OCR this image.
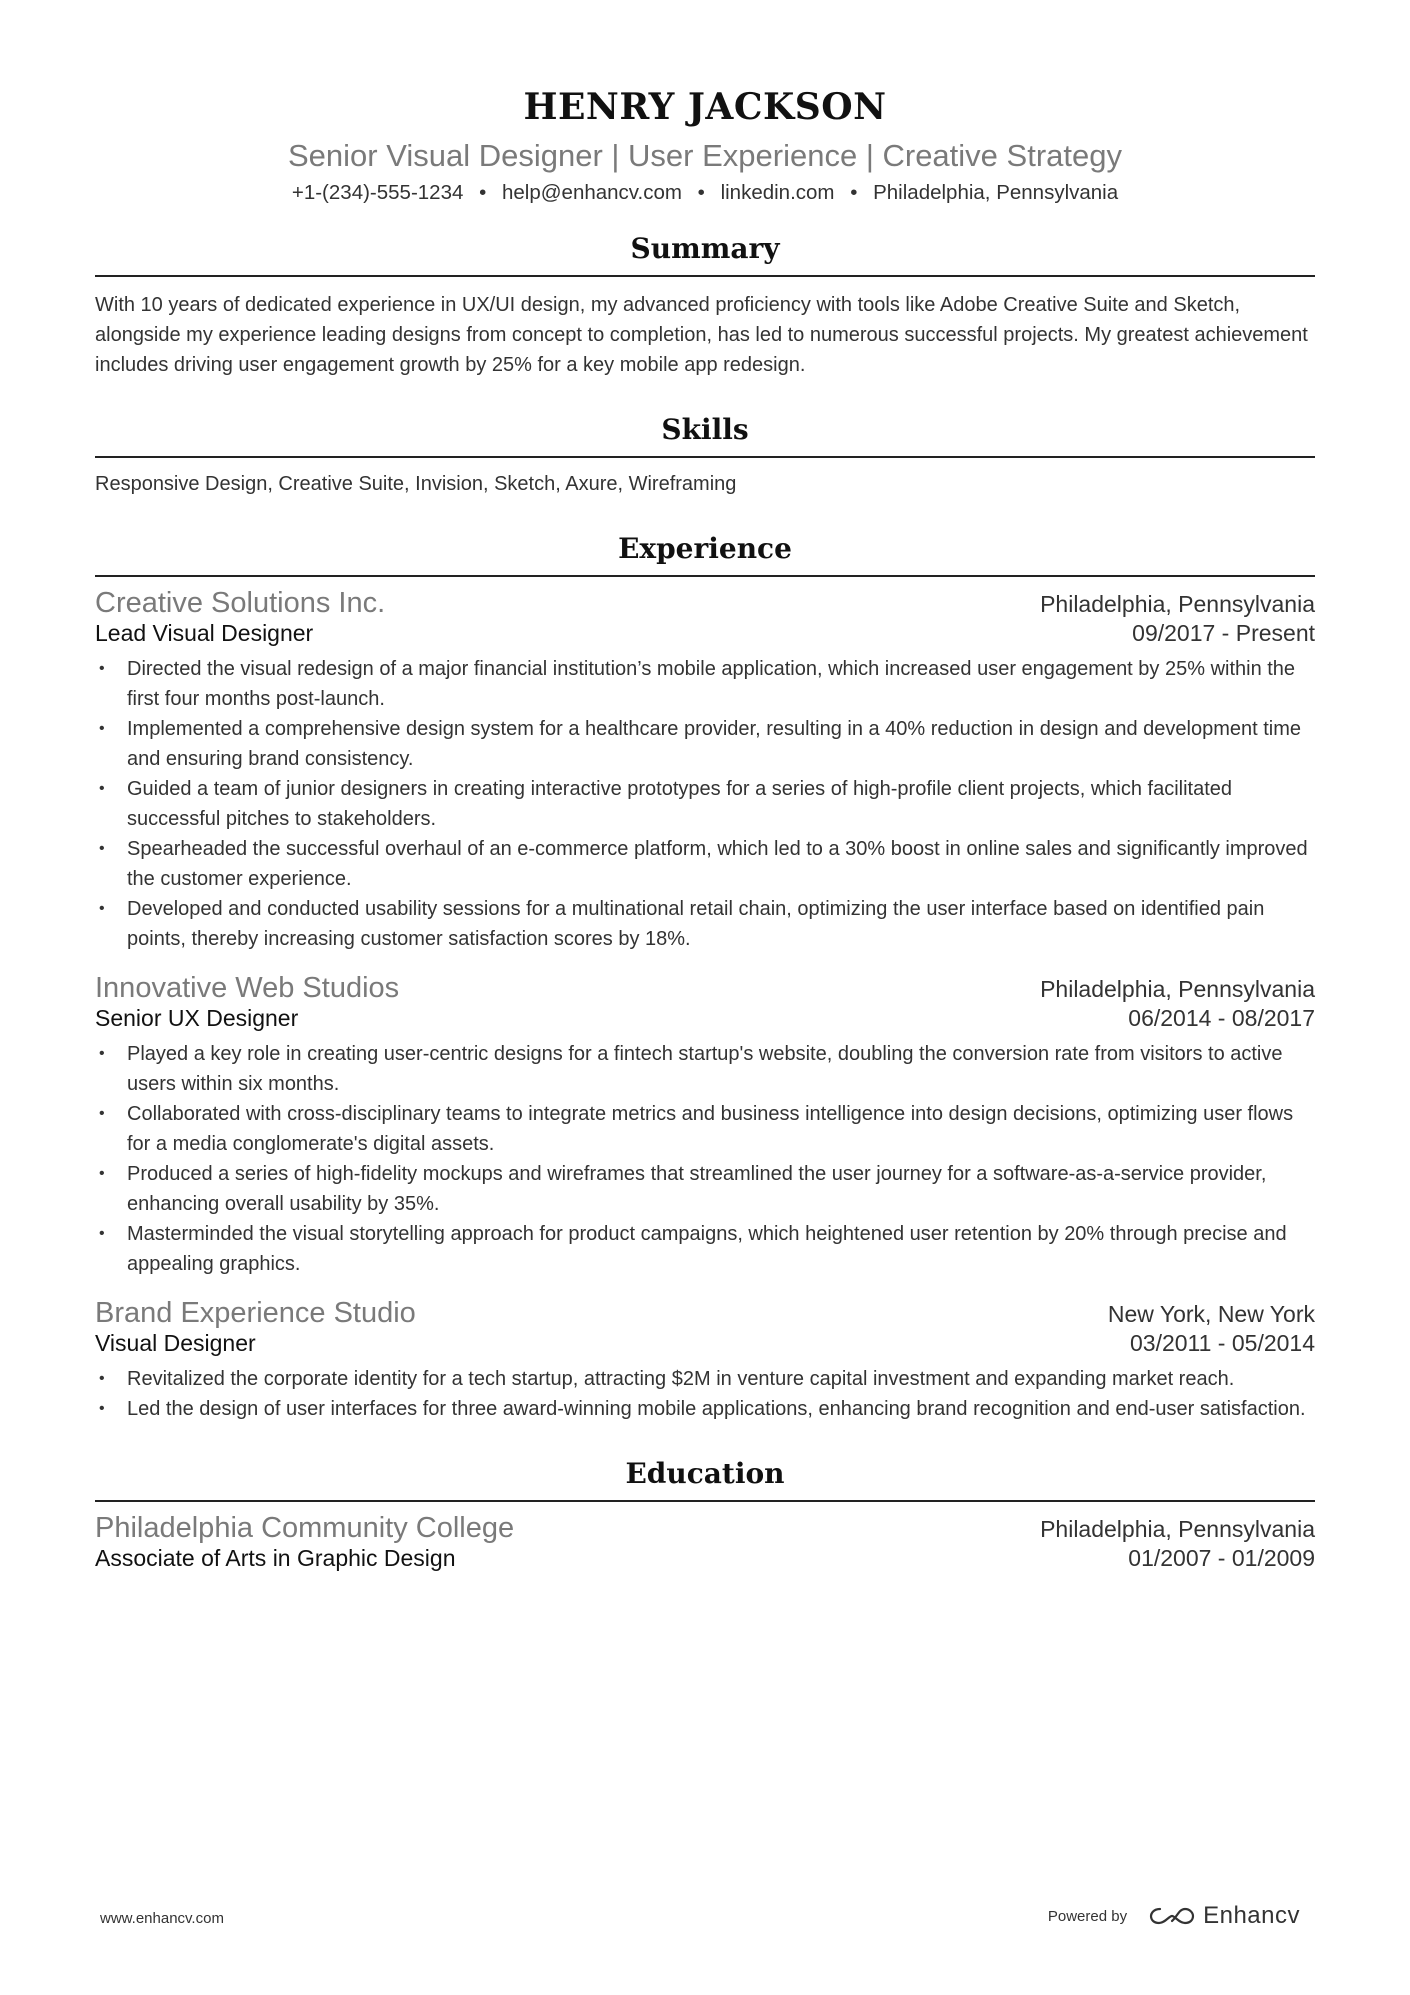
HENRY JACKSON
Senior Visual Designer | User Experience | Creative Strategy
+1-(234)-555-1234 • help@enhancv.com • linkedin.com • Philadelphia, Pennsylvania
Summary
With 10 years of dedicated experience in UX/UI design, my advanced proficiency with tools like Adobe Creative Suite and Sketch, alongside my experience leading designs from concept to completion, has led to numerous successful projects. My greatest achievement includes driving user engagement growth by 25% for a key mobile app redesign.
Skills
Responsive Design, Creative Suite, Invision, Sketch, Axure, Wireframing
Experience
Creative Solutions Inc.	Philadelphia, Pennsylvania
Lead Visual Designer	09/2017 - Present
• Directed the visual redesign of a major financial institution’s mobile application, which increased user engagement by 25% within the first four months post-launch.
• Implemented a comprehensive design system for a healthcare provider, resulting in a 40% reduction in design and development time and ensuring brand consistency.
• Guided a team of junior designers in creating interactive prototypes for a series of high-profile client projects, which facilitated successful pitches to stakeholders.
• Spearheaded the successful overhaul of an e-commerce platform, which led to a 30% boost in online sales and significantly improved the customer experience.
• Developed and conducted usability sessions for a multinational retail chain, optimizing the user interface based on identified pain points, thereby increasing customer satisfaction scores by 18%.
Innovative Web Studios	Philadelphia, Pennsylvania
Senior UX Designer	06/2014 - 08/2017
• Played a key role in creating user-centric designs for a fintech startup's website, doubling the conversion rate from visitors to active users within six months.
• Collaborated with cross-disciplinary teams to integrate metrics and business intelligence into design decisions, optimizing user flows for a media conglomerate's digital assets.
• Produced a series of high-fidelity mockups and wireframes that streamlined the user journey for a software-as-a-service provider, enhancing overall usability by 35%.
• Masterminded the visual storytelling approach for product campaigns, which heightened user retention by 20% through precise and appealing graphics.
Brand Experience Studio	New York, New York
Visual Designer	03/2011 - 05/2014
• Revitalized the corporate identity for a tech startup, attracting $2M in venture capital investment and expanding market reach.
• Led the design of user interfaces for three award-winning mobile applications, enhancing brand recognition and end-user satisfaction.
Education
Philadelphia Community College	Philadelphia, Pennsylvania
Associate of Arts in Graphic Design	01/2007 - 01/2009
www.enhancv.com	Powered by	Enhancv
